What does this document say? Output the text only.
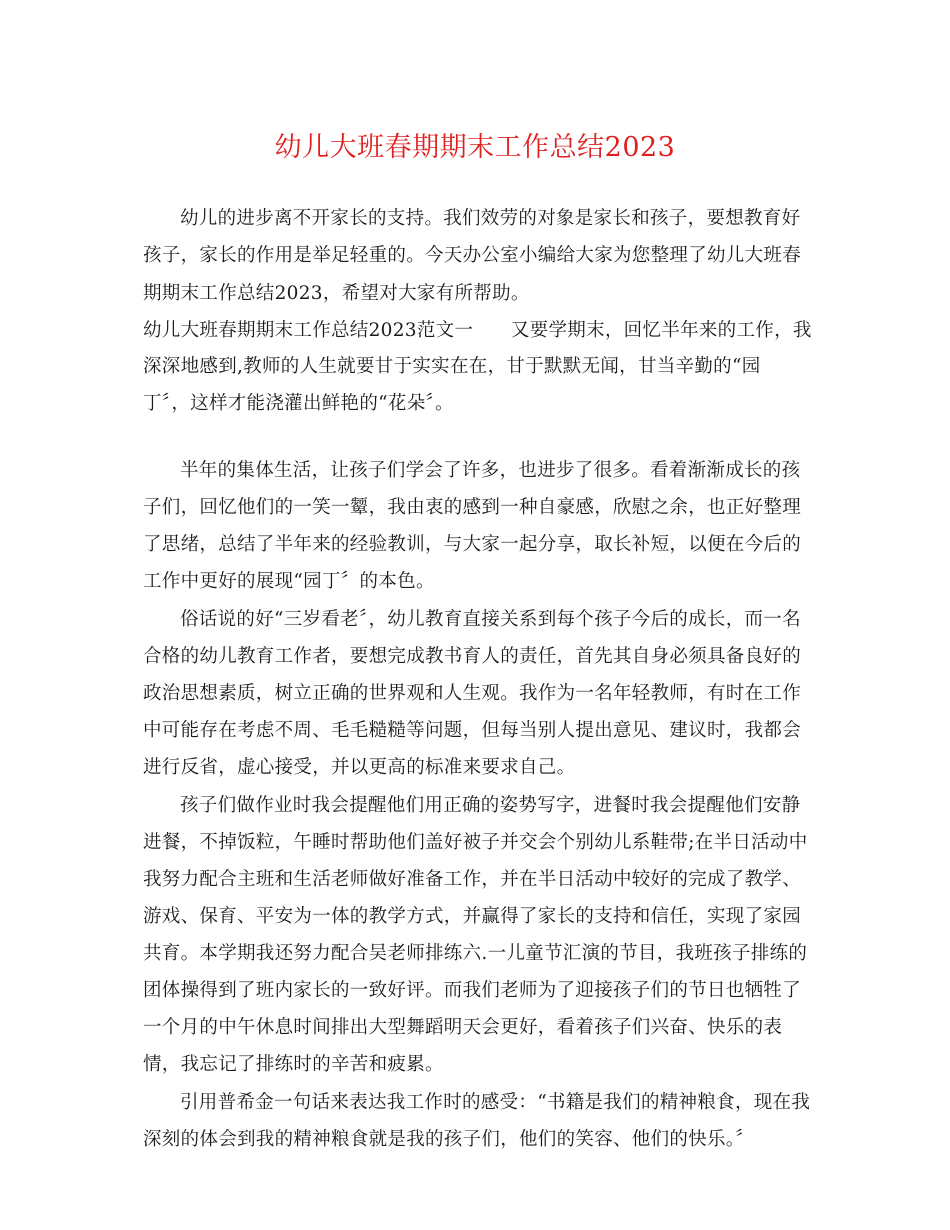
幼儿大班春期期末工作总结2023

幼儿的进步离不开家长的支持。我们效劳的对象是家长和孩子，要想教育好

孩子，家长的作用是举足轻重的。今天办公室小编给大家为您整理了幼儿大班春

期期末工作总结2023，希望对大家有所帮助。

幼儿大班春期期末工作总结2023范文一　　又要学期末，回忆半年来的工作，我

深深地感到,教师的人生就要甘于实实在在，甘于默默无闻，甘当辛勤的“园

丁〞，这样才能浇灌出鲜艳的“花朵〞。

半年的集体生活，让孩子们学会了许多，也进步了很多。看着渐渐成长的孩

子们，回忆他们的一笑一颦，我由衷的感到一种自豪感，欣慰之余，也正好整理

了思绪，总结了半年来的经验教训，与大家一起分享，取长补短，以便在今后的

工作中更好的展现“园丁〞的本色。

俗话说的好“三岁看老〞，幼儿教育直接关系到每个孩子今后的成长，而一名

合格的幼儿教育工作者，要想完成教书育人的责任，首先其自身必须具备良好的

政治思想素质，树立正确的世界观和人生观。我作为一名年轻教师，有时在工作

中可能存在考虑不周、毛毛糙糙等问题，但每当别人提出意见、建议时，我都会

进行反省，虚心接受，并以更高的标准来要求自己。

孩子们做作业时我会提醒他们用正确的姿势写字，进餐时我会提醒他们安静

进餐，不掉饭粒，午睡时帮助他们盖好被子并交会个别幼儿系鞋带;在半日活动中

我努力配合主班和生活老师做好准备工作，并在半日活动中较好的完成了教学、

游戏、保育、平安为一体的教学方式，并赢得了家长的支持和信任，实现了家园

共育。本学期我还努力配合吴老师排练六.一儿童节汇演的节目，我班孩子排练的

团体操得到了班内家长的一致好评。而我们老师为了迎接孩子们的节日也牺牲了

一个月的中午休息时间排出大型舞蹈明天会更好，看着孩子们兴奋、快乐的表

情，我忘记了排练时的辛苦和疲累。

引用普希金一句话来表达我工作时的感受：“书籍是我们的精神粮食，现在我

深刻的体会到我的精神粮食就是我的孩子们，他们的笑容、他们的快乐。〞
